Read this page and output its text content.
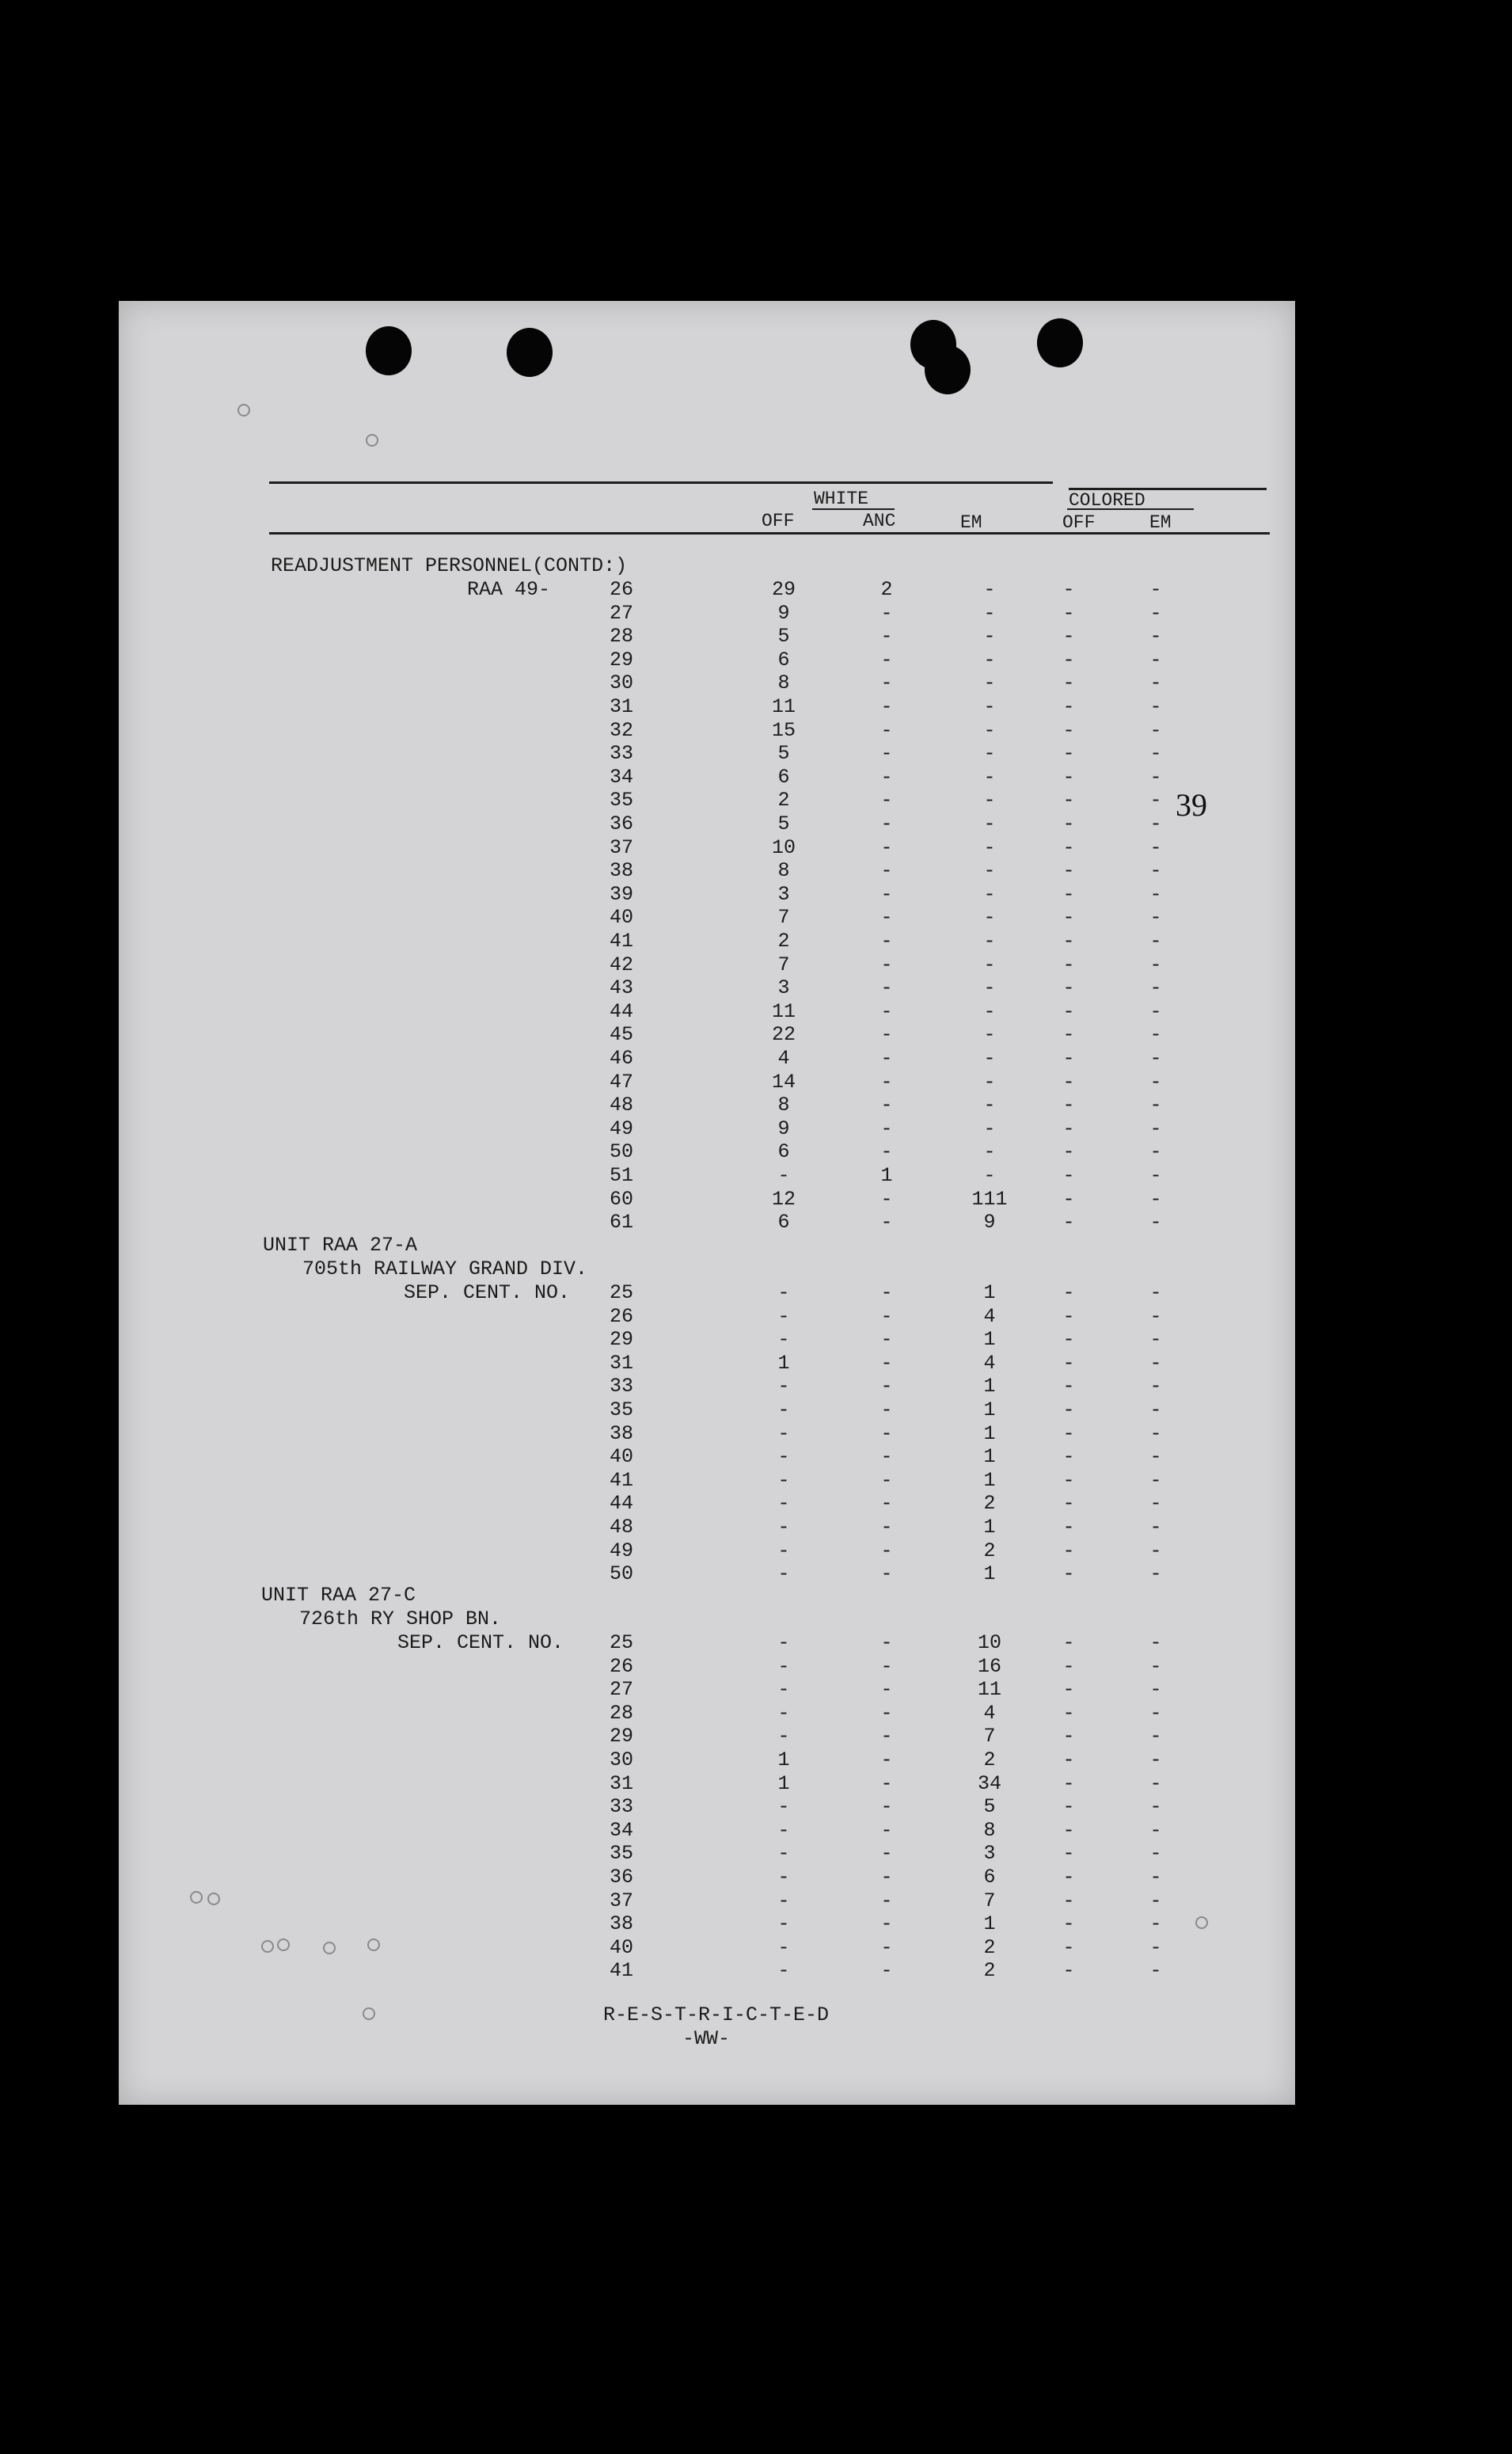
WHITE	COLORED
OFF	ANC	EM	OFF	EM
39
READJUSTMENT PERSONNEL(CONTD:)
RAA 49-	26	29	2	-	-	-
27	9	-	-	-	-
28	5	-	-	-	-
29	6	-	-	-	-
30	8	-	-	-	-
31	11	-	-	-	-
32	15	-	-	-	-
33	5	-	-	-	-
34	6	-	-	-	-
35	2	-	-	-	-
36	5	-	-	-	-
37	10	-	-	-	-
38	8	-	-	-	-
39	3	-	-	-	-
40	7	-	-	-	-
41	2	-	-	-	-
42	7	-	-	-	-
43	3	-	-	-	-
44	11	-	-	-	-
45	22	-	-	-	-
46	4	-	-	-	-
47	14	-	-	-	-
48	8	-	-	-	-
49	9	-	-	-	-
50	6	-	-	-	-
51	-	1	-	-	-
60	12	-	111	-	-
61	6	-	9	-	-
UNIT RAA 27-A
705th RAILWAY GRAND DIV.
SEP. CENT. NO.	25	-	-	1	-	-
26	-	-	4	-	-
29	-	-	1	-	-
31	1	-	4	-	-
33	-	-	1	-	-
35	-	-	1	-	-
38	-	-	1	-	-
40	-	-	1	-	-
41	-	-	1	-	-
44	-	-	2	-	-
48	-	-	1	-	-
49	-	-	2	-	-
50	-	-	1	-	-
UNIT RAA 27-C
726th RY SHOP BN.
SEP. CENT. NO.	25	-	-	10	-	-
26	-	-	16	-	-
27	-	-	11	-	-
28	-	-	4	-	-
29	-	-	7	-	-
30	1	-	2	-	-
31	1	-	34	-	-
33	-	-	5	-	-
34	-	-	8	-	-
35	-	-	3	-	-
36	-	-	6	-	-
37	-	-	7	-	-
38	-	-	1	-	-
40	-	-	2	-	-
41	-	-	2	-	-
R-E-S-T-R-I-C-T-E-D
-WW-
